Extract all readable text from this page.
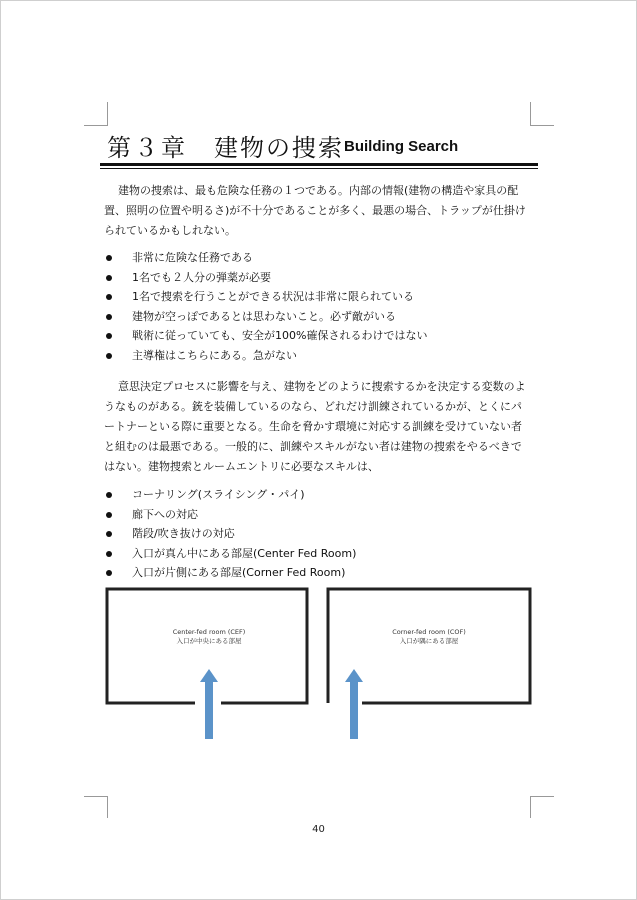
第３章 建物の捜索 Building Search
建物の捜索は、最も危険な任務の１つである。内部の情報(建物の構造や家具の配
置、照明の位置や明るさ)が不十分であることが多く、最悪の場合、トラップが仕掛け
られているかもしれない。
非常に危険な任務である
1名でも２人分の弾薬が必要
1名で捜索を行うことができる状況は非常に限られている
建物が空っぽであるとは思わないこと。必ず敵がいる
戦術に従っていても、安全が100%確保されるわけではない
主導権はこちらにある。急がない
意思決定プロセスに影響を与え、建物をどのように捜索するかを決定する変数のよ
うなものがある。銃を装備しているのなら、どれだけ訓練されているかが、とくにパ
ートナーといる際に重要となる。生命を脅かす環境に対応する訓練を受けていない者
と組むのは最悪である。一般的に、訓練やスキルがない者は建物の捜索をやるべきで
はない。建物捜索とルームエントリに必要なスキルは、
コーナリング(スライシング・パイ)
廊下への対応
階段/吹き抜けの対応
入口が真ん中にある部屋(Center Fed Room)
入口が片側にある部屋(Corner Fed Room)
Center-fed room (CEF)
入口が中央にある部屋
Corner-fed room (COF)
入口が隅にある部屋
40
